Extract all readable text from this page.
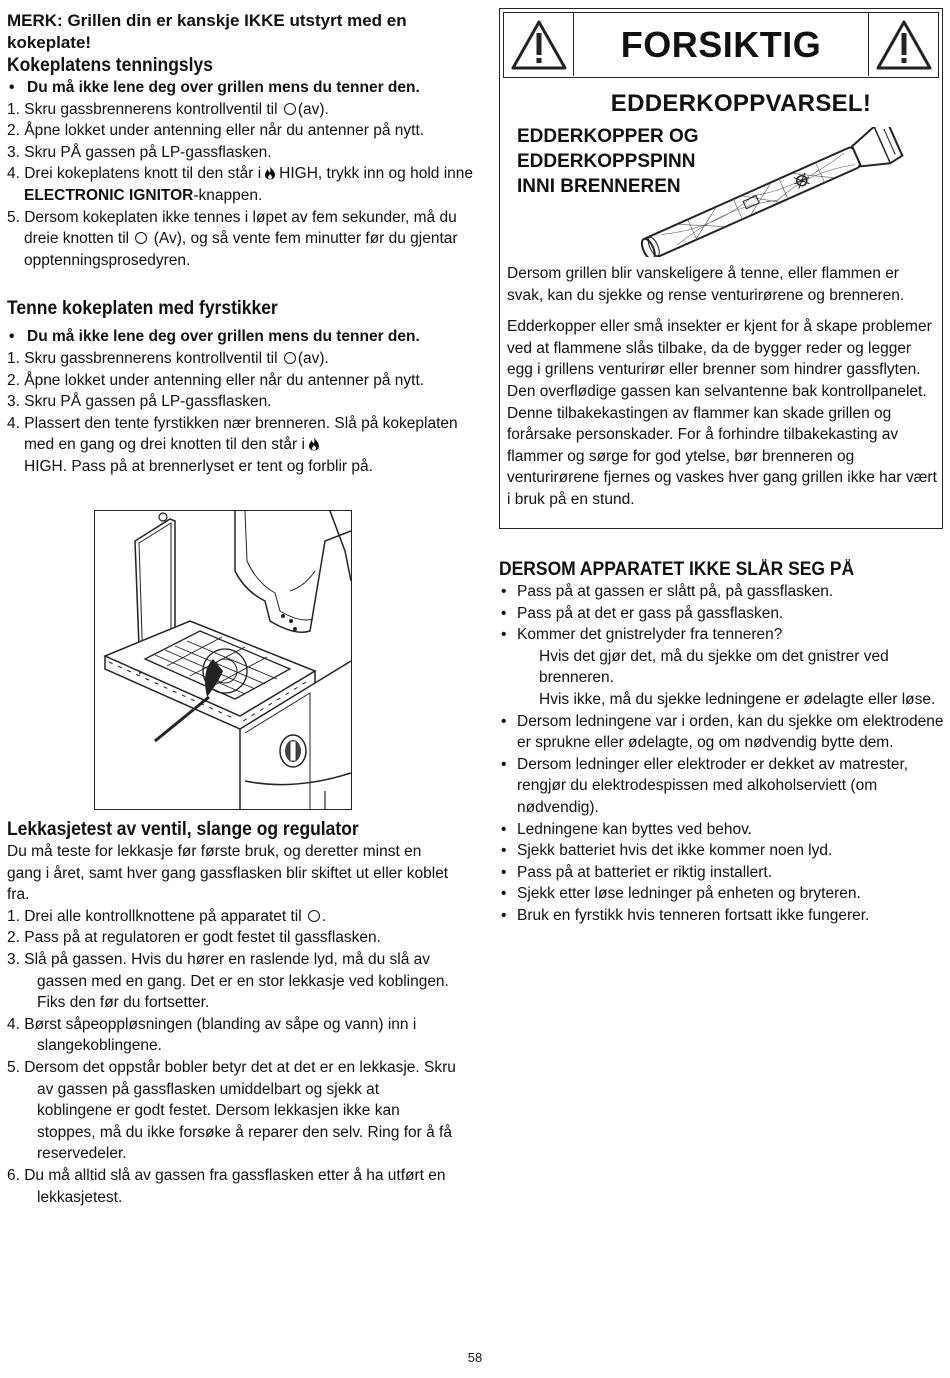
MERK: Grillen din er kanskje IKKE utstyrt med en kokeplate!

Kokeplatens tenningslys

• Du må ikke lene deg over grillen mens du tenner den.
1. Skru gassbrennerens kontrollventil til (av).
2. Åpne lokket under antenning eller når du antenner på nytt.
3. Skru PÅ gassen på LP-gassflasken.
4. Drei kokeplatens knott til den står i HIGH, trykk inn og hold inne ELECTRONIC IGNITOR-knappen.
5. Dersom kokeplaten ikke tennes i løpet av fem sekunder, må du dreie knotten til (Av), og så vente fem minutter før du gjentar opptenningsprosedyren.

Tenne kokeplaten med fyrstikker

• Du må ikke lene deg over grillen mens du tenner den.
1. Skru gassbrennerens kontrollventil til (av).
2. Åpne lokket under antenning eller når du antenner på nytt.
3. Skru PÅ gassen på LP-gassflasken.
4. Plassert den tente fyrstikken nær brenneren. Slå på kokeplaten med en gang og drei knotten til den står i
HIGH. Pass på at brennerlyset er tent og forblir på.
FORSIKTIG
EDDERKOPPVARSEL!
EDDERKOPPER OG
EDDERKOPPSPINN
INNI BRENNEREN

Dersom grillen blir vanskeligere å tenne, eller flammen er svak, kan du sjekke og rense venturirørene og brenneren.

Edderkopper eller små insekter er kjent for å skape problemer ved at flammene slås tilbake, da de bygger reder og legger egg i grillens venturirør eller brenner som hindrer gassflyten. Den overflødige gassen kan selvantenne bak kontrollpanelet. Denne tilbakekastingen av flammer kan skade grillen og forårsake personskader. For å forhindre tilbakekasting av flammer og sørge for god ytelse, bør brenneren og venturirørene fjernes og vaskes hver gang grillen ikke har vært i bruk på en stund.

Lekkasjetest av ventil, slange og regulator

Du må teste for lekkasje før første bruk, og deretter minst en gang i året, samt hver gang gassflasken blir skiftet ut eller koblet fra.
1. Drei alle kontrollknottene på apparatet til .
2. Pass på at regulatoren er godt festet til gassflasken.
3. Slå på gassen. Hvis du hører en raslende lyd, må du slå av gassen med en gang. Det er en stor lekkasje ved koblingen. Fiks den før du fortsetter.
4. Børst såpeoppløsningen (blanding av såpe og vann) inn i slangekoblingene.
5. Dersom det oppstår bobler betyr det at det er en lekkasje. Skru av gassen på gassflasken umiddelbart og sjekk at koblingene er godt festet. Dersom lekkasjen ikke kan stoppes, må du ikke forsøke å reparer den selv. Ring for å få reservedeler.
6. Du må alltid slå av gassen fra gassflasken etter å ha utført en lekkasjetest.

DERSOM APPARATET IKKE SLÅR SEG PÅ

• Pass på at gassen er slått på, på gassflasken.
• Pass på at det er gass på gassflasken.
• Kommer det gnistrelyder fra tenneren?
Hvis det gjør det, må du sjekke om det gnistrer ved brenneren.
Hvis ikke, må du sjekke ledningene er ødelagte eller løse.
• Dersom ledningene var i orden, kan du sjekke om elektrodene er sprukne eller ødelagte, og om nødvendig bytte dem.
• Dersom ledninger eller elektroder er dekket av matrester, rengjør du elektrodespissen med alkoholserviett (om nødvendig).
• Ledningene kan byttes ved behov.
• Sjekk batteriet hvis det ikke kommer noen lyd.
• Pass på at batteriet er riktig installert.
• Sjekk etter løse ledninger på enheten og bryteren.
• Bruk en fyrstikk hvis tenneren fortsatt ikke fungerer.
58
